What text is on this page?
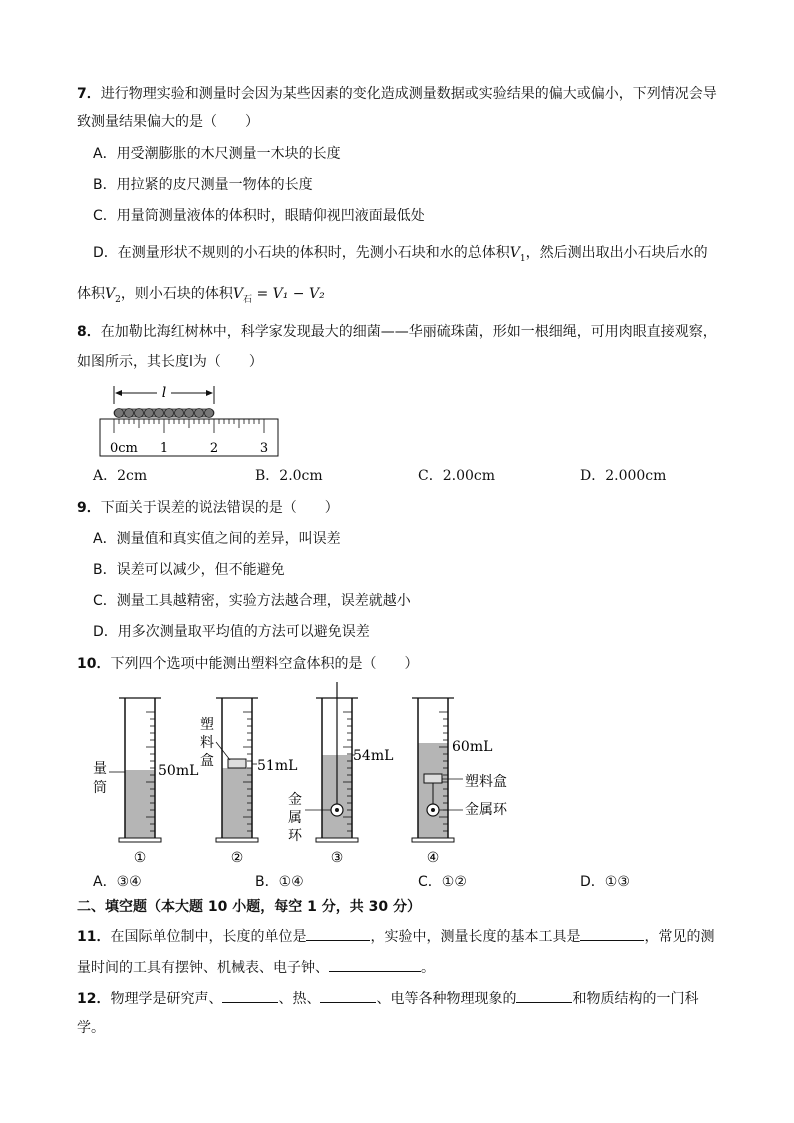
7．进行物理实验和测量时会因为某些因素的变化造成测量数据或实验结果的偏大或偏小，下列情况会导
致测量结果偏大的是（　　）
A．用受潮膨胀的木尺测量一木块的长度
B．用拉紧的皮尺测量一物体的长度
C．用量筒测量液体的体积时，眼睛仰视凹液面最低处
D．在测量形状不规则的小石块的体积时，先测小石块和水的总体积$V_1$，然后测出取出小石块后水的
体积$V_2$，则小石块的体积$V_石 = V_1 - V_2$
8．在加勒比海红树林中，科学家发现最大的细菌——华丽硫珠菌，形如一根细绳，可用肉眼直接观察，
如图所示，其长度l为（　　）
l
0cm 1	2	3
A．2cm	B．2.0cm	C．2.00cm	D．2.000cm
9．下面关于误差的说法错误的是（　　）
A．测量值和真实值之间的差异，叫误差
B．误差可以减少，但不能避免
C．测量工具越精密，实验方法越合理，误差就越小
D．用多次测量取平均值的方法可以避免误差
10．下列四个选项中能测出塑料空盒体积的是（　　）
量
筒
50mL
塑
料
盒	51mL
54mL
金
属
环
60mL
塑料盒
金属环
①	②	③	④
A．③④	B．①④	C．①②	D．①③
二、填空题（本大题 10 小题，每空 1 分，共 30 分）
11．在国际单位制中，长度的单位是	，实验中，测量长度的基本工具是	，常见的测
量时间的工具有摆钟、机械表、电子钟、	。
12．物理学是研究声、	、热、	、电等各种物理现象的	和物质结构的一门科
学。
